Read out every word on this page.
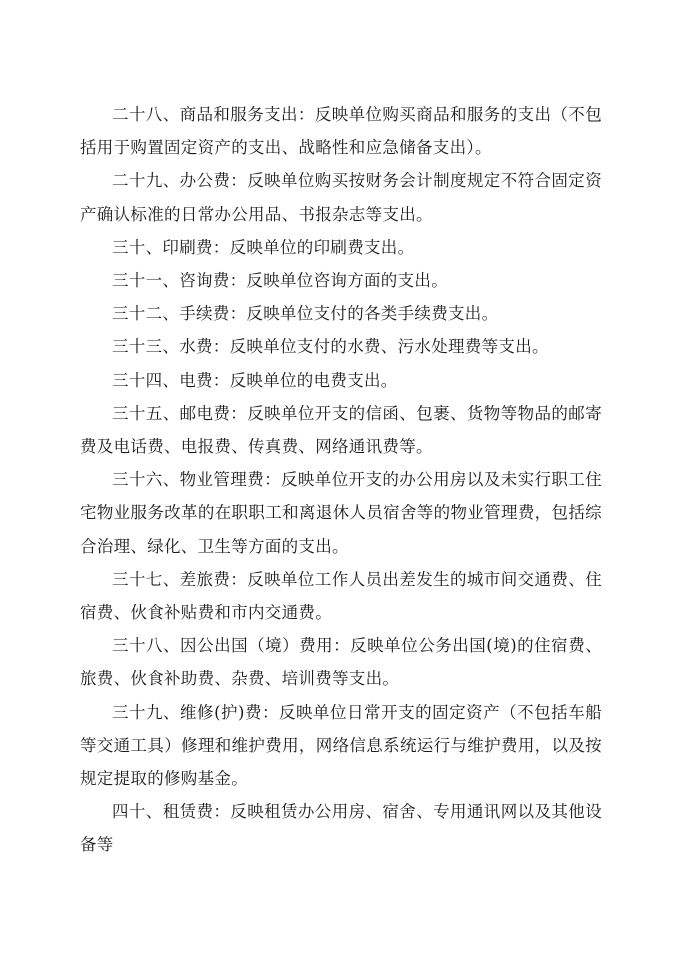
二十八、商品和服务支出：反映单位购买商品和服务的支出（不包括用于购置固定资产的支出、战略性和应急储备支出）。

二十九、办公费：反映单位购买按财务会计制度规定不符合固定资产确认标准的日常办公用品、书报杂志等支出。

三十、印刷费：反映单位的印刷费支出。

三十一、咨询费：反映单位咨询方面的支出。

三十二、手续费：反映单位支付的各类手续费支出。

三十三、水费：反映单位支付的水费、污水处理费等支出。

三十四、电费：反映单位的电费支出。

三十五、邮电费：反映单位开支的信函、包裹、货物等物品的邮寄费及电话费、电报费、传真费、网络通讯费等。

三十六、物业管理费：反映单位开支的办公用房以及未实行职工住宅物业服务改革的在职职工和离退休人员宿舍等的物业管理费，包括综合治理、绿化、卫生等方面的支出。

三十七、差旅费：反映单位工作人员出差发生的城市间交通费、住宿费、伙食补贴费和市内交通费。

三十八、因公出国（境）费用：反映单位公务出国(境)的住宿费、旅费、伙食补助费、杂费、培训费等支出。

三十九、维修(护)费：反映单位日常开支的固定资产（不包括车船等交通工具）修理和维护费用，网络信息系统运行与维护费用，以及按规定提取的修购基金。

四十、租赁费：反映租赁办公用房、宿舍、专用通讯网以及其他设备等
